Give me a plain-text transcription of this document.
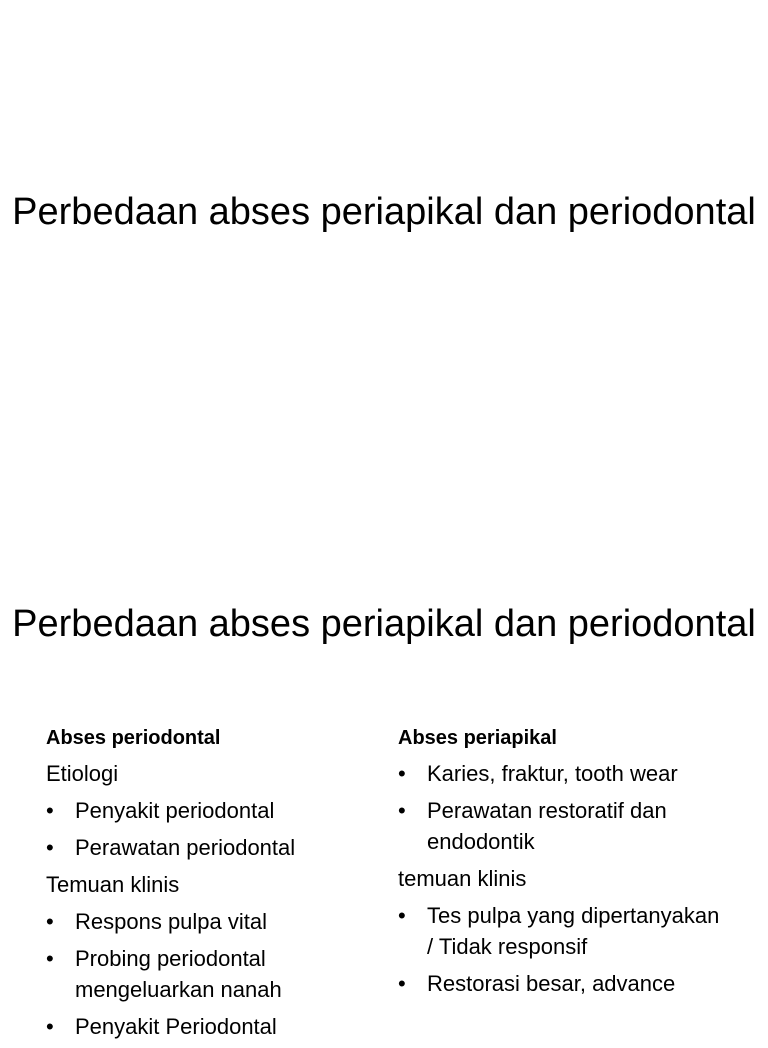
Perbedaan abses periapikal dan periodontal
Perbedaan abses periapikal dan periodontal
Abses periodontal
Etiologi
• Penyakit periodontal
• Perawatan periodontal
Temuan klinis
• Respons pulpa vital
• Probing periodontal mengeluarkan nanah
• Penyakit Periodontal
Abses periapikal
• Karies, fraktur, tooth wear
• Perawatan restoratif dan endodontik
temuan klinis
• Tes pulpa yang dipertanyakan / Tidak responsif
• Restorasi besar, advance
